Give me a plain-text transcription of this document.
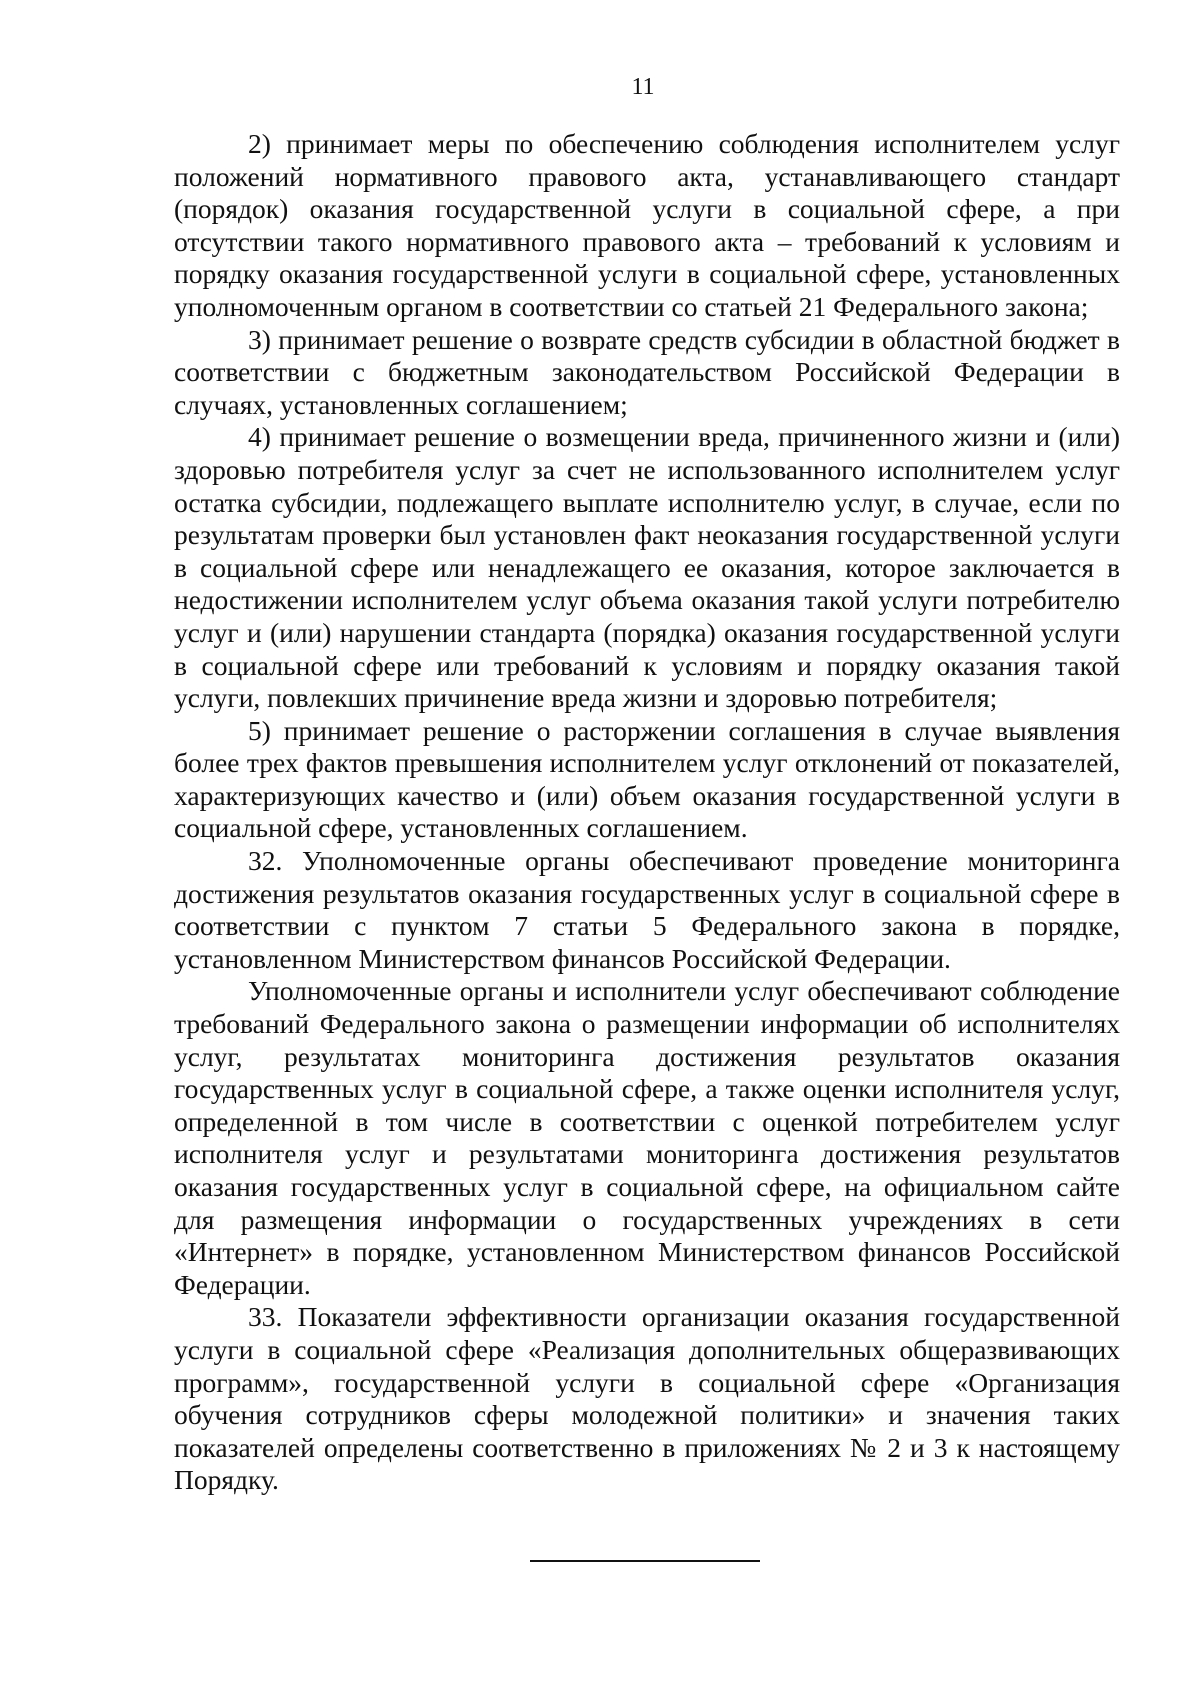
11

2) принимает меры по обеспечению соблюдения исполнителем услуг положений нормативного правового акта, устанавливающего стандарт (порядок) оказания государственной услуги в социальной сфере, а при отсутствии такого нормативного правового акта – требований к условиям и порядку оказания государственной услуги в социальной сфере, установленных уполномоченным органом в соответствии со статьей 21 Федерального закона;

3) принимает решение о возврате средств субсидии в областной бюджет в соответствии с бюджетным законодательством Российской Федерации в случаях, установленных соглашением;

4) принимает решение о возмещении вреда, причиненного жизни и (или) здоровью потребителя услуг за счет не использованного исполнителем услуг остатка субсидии, подлежащего выплате исполнителю услуг, в случае, если по результатам проверки был установлен факт неоказания государственной услуги в социальной сфере или ненадлежащего ее оказания, которое заключается в недостижении исполнителем услуг объема оказания такой услуги потребителю услуг и (или) нарушении стандарта (порядка) оказания государственной услуги в социальной сфере или требований к условиям и порядку оказания такой услуги, повлекших причинение вреда жизни и здоровью потребителя;

5) принимает решение о расторжении соглашения в случае выявления более трех фактов превышения исполнителем услуг отклонений от показателей, характеризующих качество и (или) объем оказания государственной услуги в социальной сфере, установленных соглашением.

32. Уполномоченные органы обеспечивают проведение мониторинга достижения результатов оказания государственных услуг в социальной сфере в соответствии с пунктом 7 статьи 5 Федерального закона в порядке, установленном Министерством финансов Российской Федерации.

Уполномоченные органы и исполнители услуг обеспечивают соблюдение требований Федерального закона о размещении информации об исполнителях услуг, результатах мониторинга достижения результатов оказания государственных услуг в социальной сфере, а также оценки исполнителя услуг, определенной в том числе в соответствии с оценкой потребителем услуг исполнителя услуг и результатами мониторинга достижения результатов оказания государственных услуг в социальной сфере, на официальном сайте для размещения информации о государственных учреждениях в сети «Интернет» в порядке, установленном Министерством финансов Российской Федерации.

33. Показатели эффективности организации оказания государственной услуги в социальной сфере «Реализация дополнительных общеразвивающих программ», государственной услуги в социальной сфере «Организация обучения сотрудников сферы молодежной политики» и значения таких показателей определены соответственно в приложениях № 2 и 3 к настоящему Порядку.
